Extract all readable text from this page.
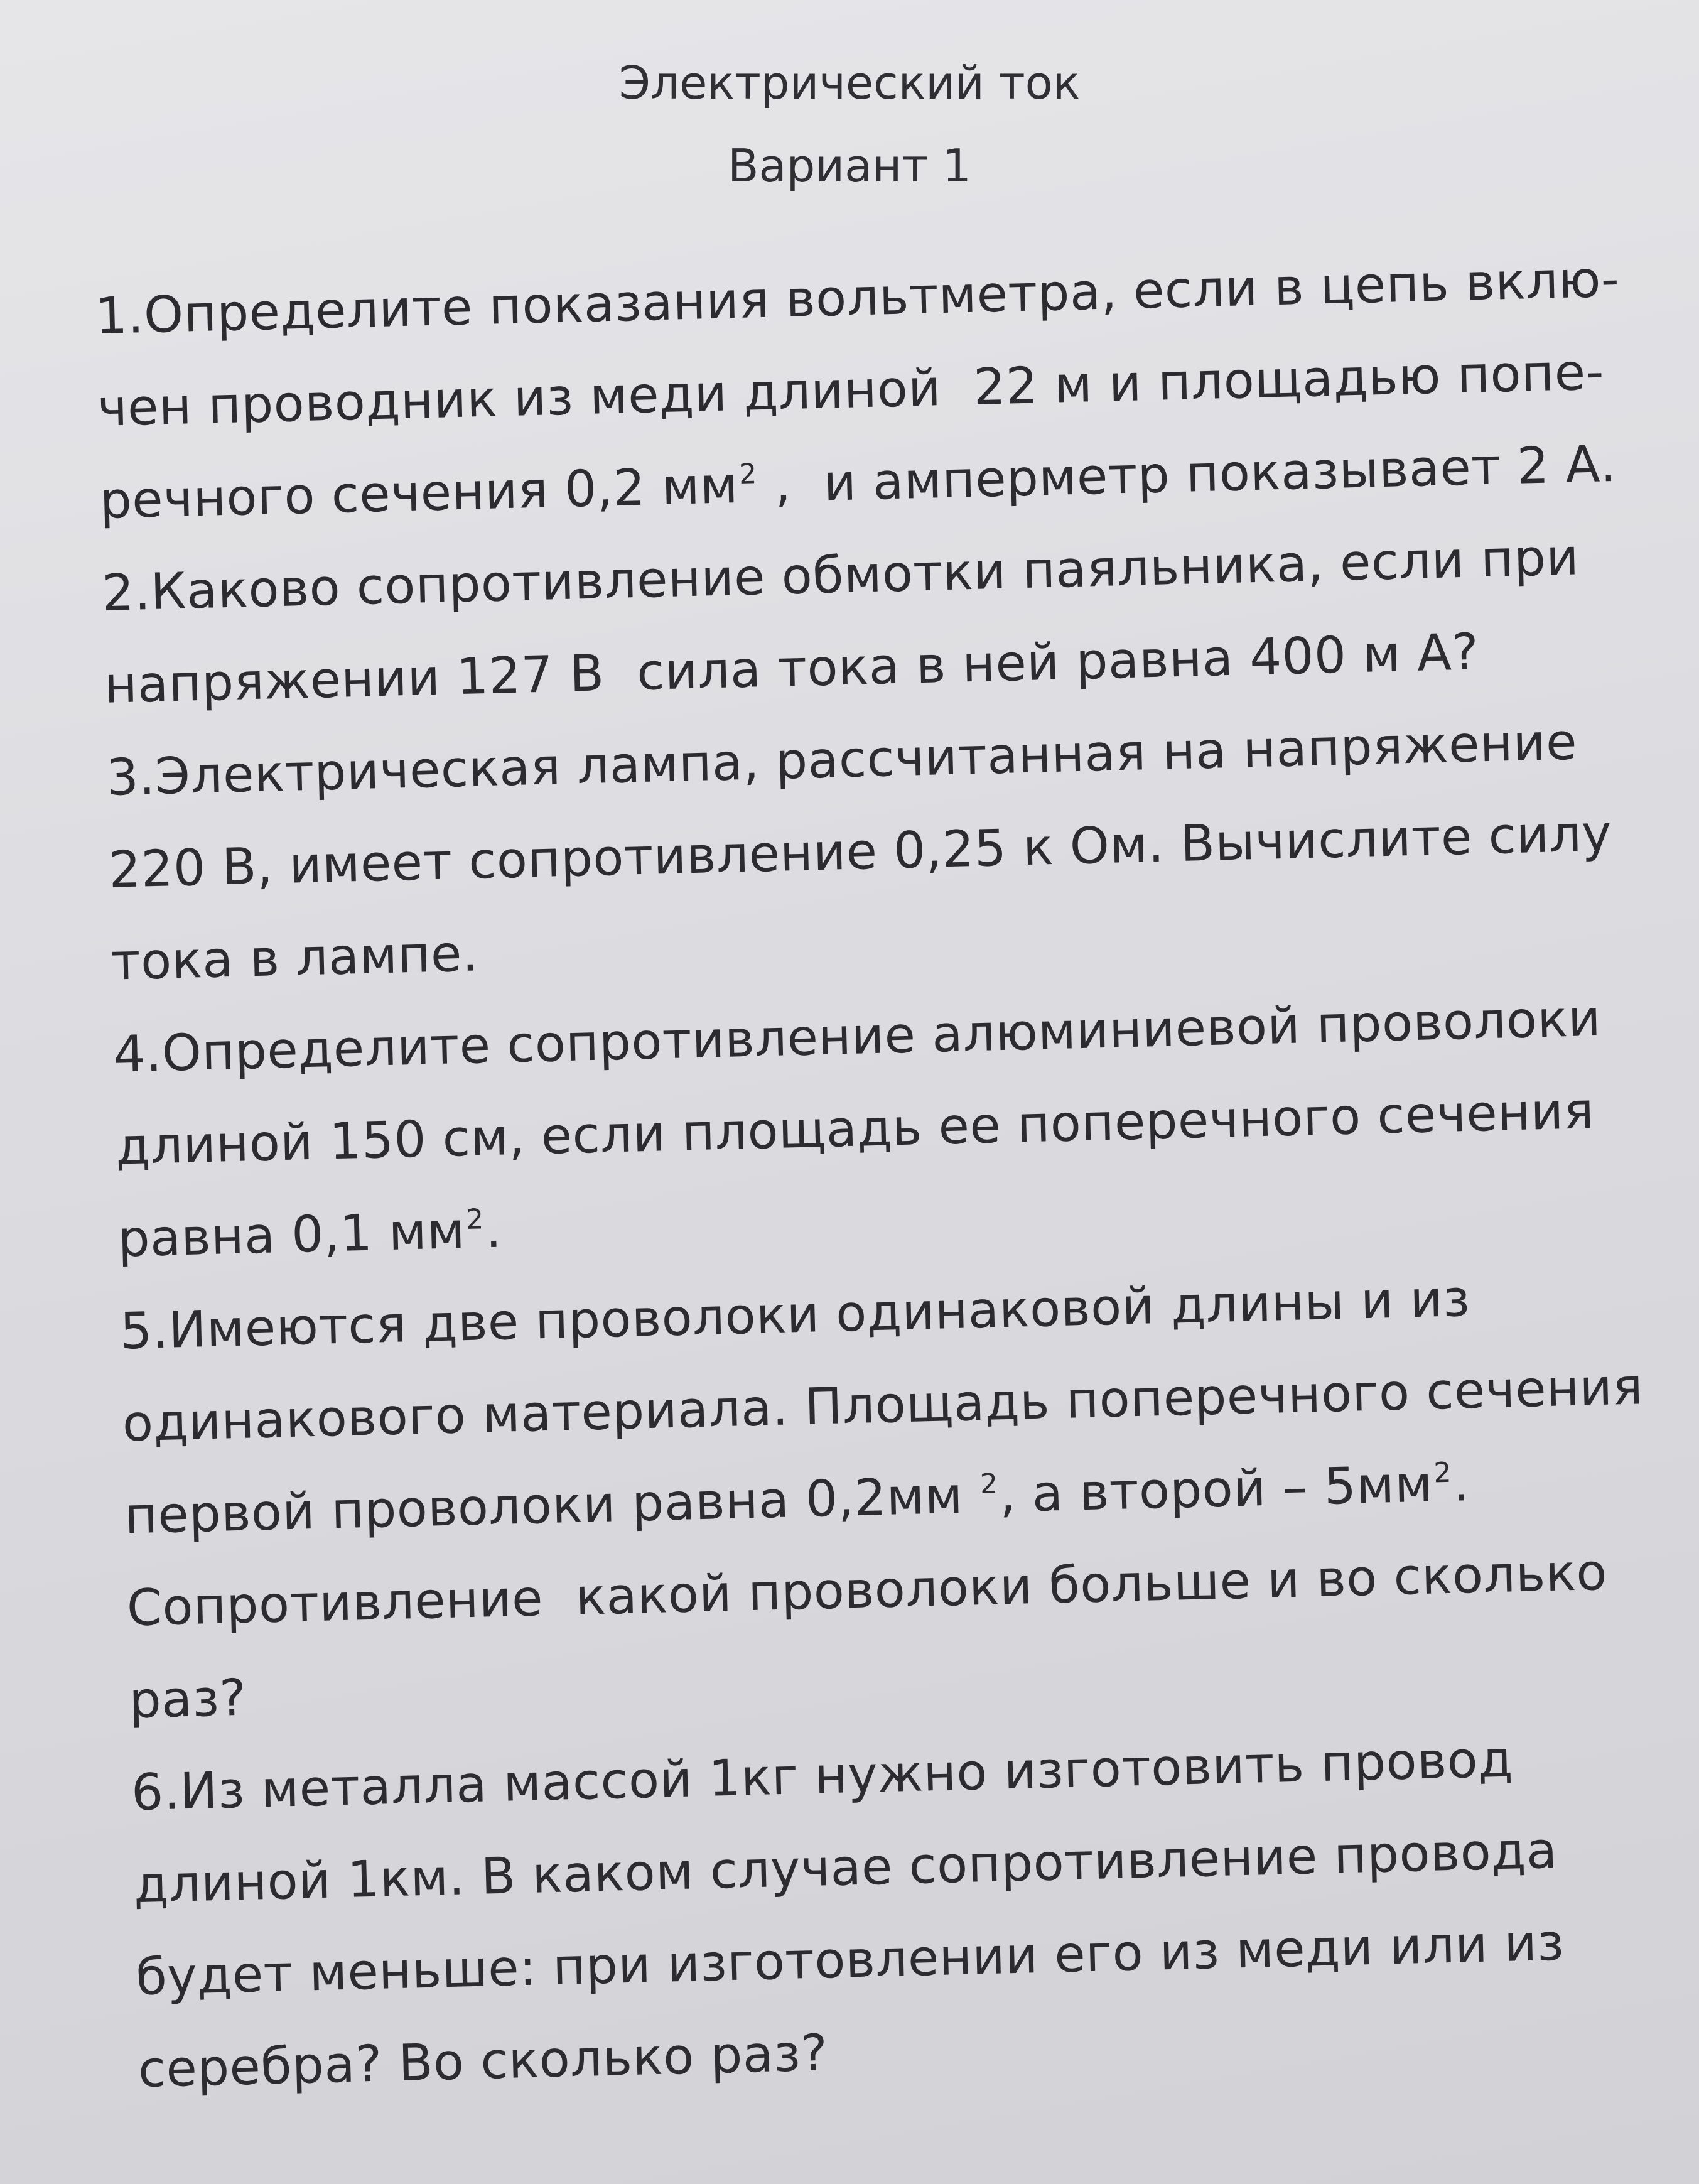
Электрический ток
Вариант 1
1.Определите показания вольтметра, если в цепь вклю-
чен проводник из меди длиной  22 м и площадью попе-
речного сечения 0,2 $мм^2$ ,  и амперметр показывает 2 А.
2.Каково сопротивление обмотки паяльника, если при
напряжении 127 В  сила тока в ней равна 400 м А?
3.Электрическая лампа, рассчитанная на напряжение
220 В, имеет сопротивление 0,25 к Ом. Вычислите силу
тока в лампе.
4.Определите сопротивление алюминиевой проволоки
длиной 150 см, если площадь ее поперечного сечения
равна 0,1 $мм^2$.
5.Имеются две проволоки одинаковой длины и из
одинакового материала. Площадь поперечного сечения
первой проволоки равна 0,2мм $^2$, а второй – $5мм^2$.
Сопротивление  какой проволоки больше и во сколько
раз?
6.Из металла массой 1кг нужно изготовить провод
длиной 1км. В каком случае сопротивление провода
будет меньше: при изготовлении его из меди или из
серебра? Во сколько раз?
